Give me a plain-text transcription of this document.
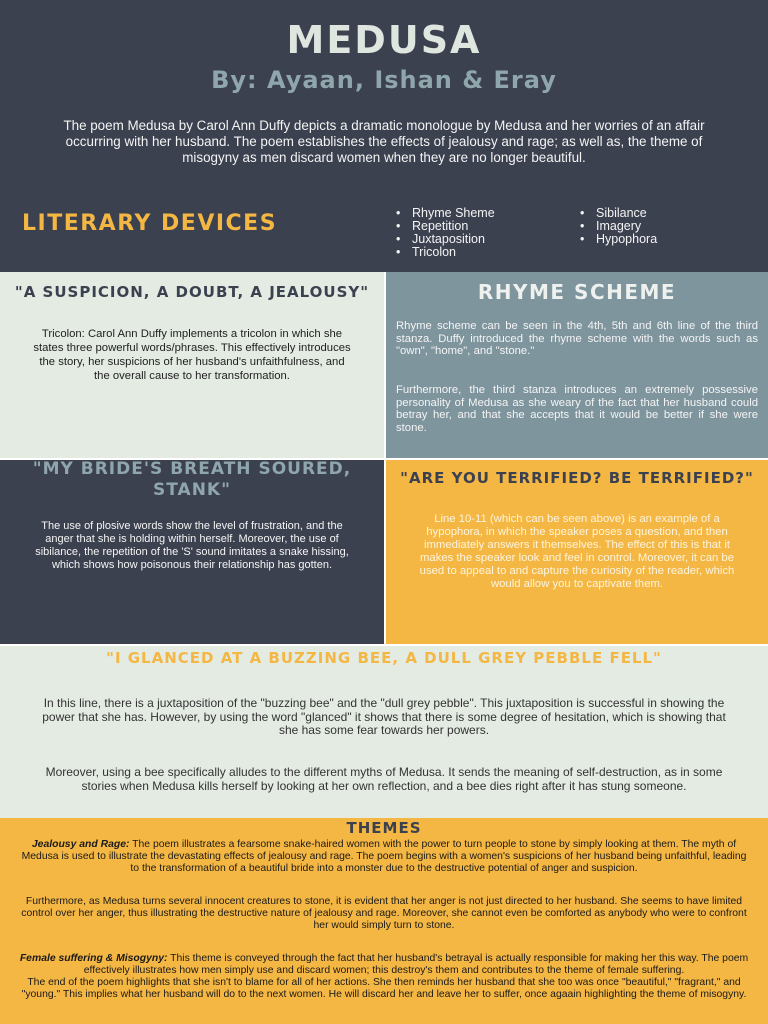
MEDUSA
By: Ayaan, Ishan & Eray
The poem Medusa by Carol Ann Duffy depicts a dramatic monologue by Medusa and her worries of an affair occurring with her husband. The poem establishes the effects of jealousy and rage; as well as, the theme of misogyny as men discard women when they are no longer beautiful.
LITERARY DEVICES
•	Rhyme Sheme
• Repetition
• Juxtaposition
• Tricolon
• Sibilance
• Imagery
• Hypophora
"A SUSPICION, A DOUBT, A JEALOUSY"
Tricolon: Carol Ann Duffy implements a tricolon in which she states three powerful words/phrases. This effectively introduces the story, her suspicions of her husband's unfaithfulness, and the overall cause to her transformation.
RHYME SCHEME
Rhyme scheme can be seen in the 4th, 5th and 6th line of the third stanza. Duffy introduced the rhyme scheme with the words such as "own", "home", and "stone."
Furthermore, the third stanza introduces an extremely possessive personality of Medusa as she weary of the fact that her husband could betray her, and that she accepts that it would be better if she were stone.
"MY BRIDE'S BREATH SOURED, STANK"
The use of plosive words show the level of frustration, and the anger that she is holding within herself. Moreover, the use of sibilance, the repetition of the 'S' sound imitates a snake hissing, which shows how poisonous their relationship has gotten.
"ARE YOU TERRIFIED? BE TERRIFIED?"
Line 10-11 (which can be seen above) is an example of a hypophora, in which the speaker poses a question, and then immediately answers it themselves. The effect of this is that it makes the speaker look and feel in control. Moreover, it can be used to appeal to and capture the curiosity of the reader, which would allow you to captivate them.
"I GLANCED AT A BUZZING BEE, A DULL GREY PEBBLE FELL"
In this line, there is a juxtaposition of the "buzzing bee" and the "dull grey pebble". This juxtaposition is successful in showing the power that she has. However, by using the word "glanced" it shows that there is some degree of hesitation, which is showing that she has some fear towards her powers.
Moreover, using a bee specifically alludes to the different myths of Medusa. It sends the meaning of self-destruction, as in some stories when Medusa kills herself by looking at her own reflection, and a bee dies right after it has stung someone.
THEMES
Jealousy and Rage: The poem illustrates a fearsome snake-haired women with the power to turn people to stone by simply looking at them. The myth of Medusa is used to illustrate the devastating effects of jealousy and rage. The poem begins with a women's suspicions of her husband being unfaithful, leading to the transformation of a beautiful bride into a monster due to the destructive potential of anger and suspicion.
Furthermore, as Medusa turns several innocent creatures to stone, it is evident that her anger is not just directed to her husband. She seems to have limited control over her anger, thus illustrating the destructive nature of jealousy and rage. Moreover, she cannot even be comforted as anybody who were to confront her would simply turn to stone.
Female suffering & Misogyny: This theme is conveyed through the fact that her husband's betrayal is actually responsible for making her this way. The poem effectively illustrates how men simply use and discard women; this destroy's them and contributes to the theme of female suffering.
The end of the poem highlights that she isn't to blame for all of her actions. She then reminds her husband that she too was once "beautiful," "fragrant," and "young." This implies what her husband will do to the next women. He will discard her and leave her to suffer, once agaain highlighting the theme of misogyny.
